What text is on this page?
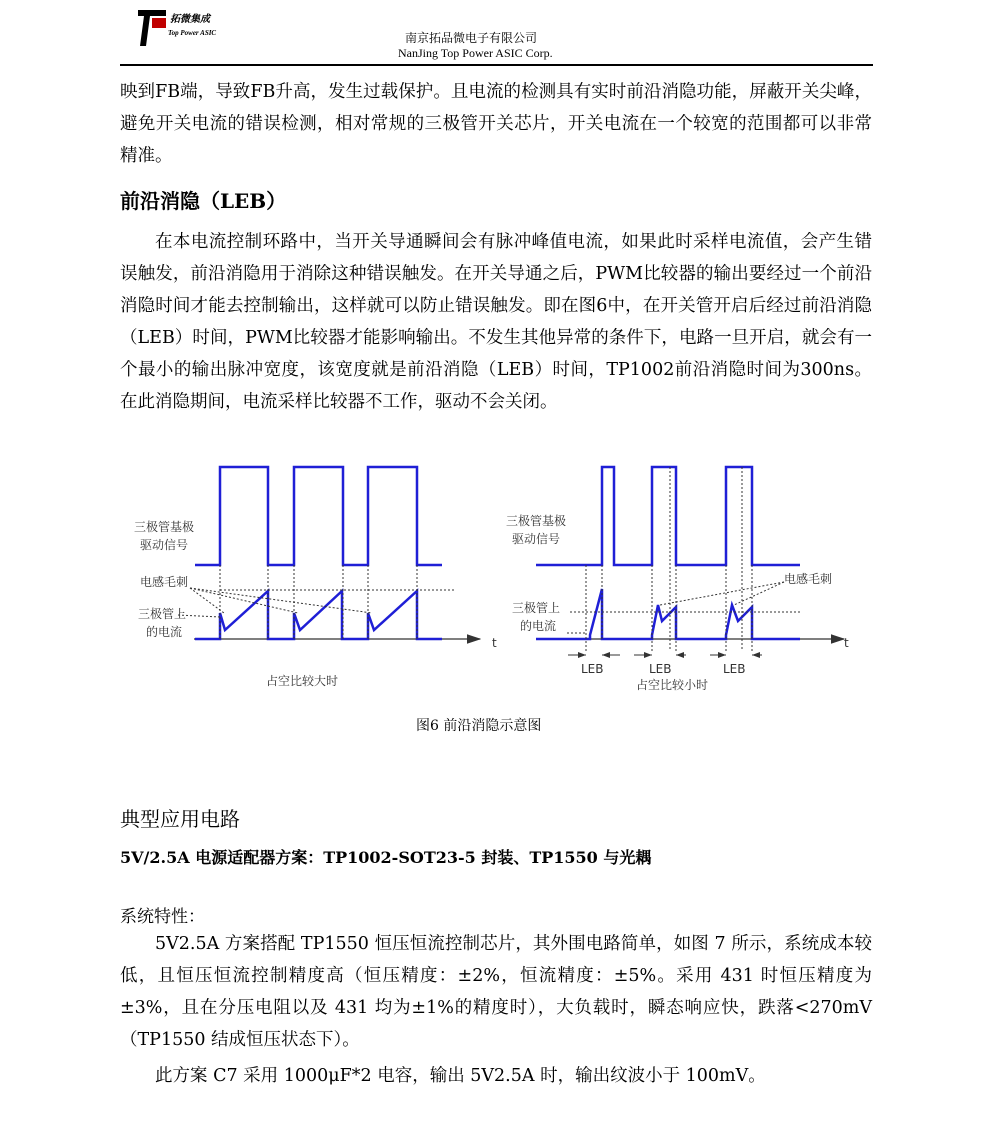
拓微集成
Top Power ASIC	南京拓品微电子有限公司
NanJing Top Power ASIC Corp.
映到FB端，导致FB升高，发生过载保护。且电流的检测具有实时前沿消隐功能，屏蔽开关尖峰，避免开关电流的错误检测，相对常规的三极管开关芯片，开关电流在一个较宽的范围都可以非常精准。
前沿消隐（LEB）
在本电流控制环路中，当开关导通瞬间会有脉冲峰值电流，如果此时采样电流值，会产生错误触发，前沿消隐用于消除这种错误触发。在开关导通之后，PWM比较器的输出要经过一个前沿消隐时间才能去控制输出，这样就可以防止错误触发。即在图6中，在开关管开启后经过前沿消隐（LEB）时间，PWM比较器才能影响输出。不发生其他异常的条件下，电路一旦开启，就会有一个最小的输出脉冲宽度，该宽度就是前沿消隐（LEB）时间，TP1002前沿消隐时间为300ns。在此消隐期间，电流采样比较器不工作，驱动不会关闭。
三极管基极
驱动信号
电感毛刺
三极管上
的电流
t
占空比较大时
三极管基极
驱动信号
电感毛刺
三极管上
的电流
t
LEB	LEB	LEB
占空比较小时
图6 前沿消隐示意图
典型应用电路
5V/2.5A 电源适配器方案：TP1002-SOT23-5 封装、TP1550 与光耦
系统特性：
5V2.5A 方案搭配 TP1550 恒压恒流控制芯片，其外围电路简单，如图 7 所示，系统成本较低，且恒压恒流控制精度高（恒压精度：±2%，恒流精度：±5%。采用 431 时恒压精度为±3%，且在分压电阻以及 431 均为±1%的精度时），大负载时，瞬态响应快，跌落<270mV（TP1550 结成恒压状态下）。
此方案 C7 采用 1000μF*2 电容，输出 5V2.5A 时，输出纹波小于 100mV。
